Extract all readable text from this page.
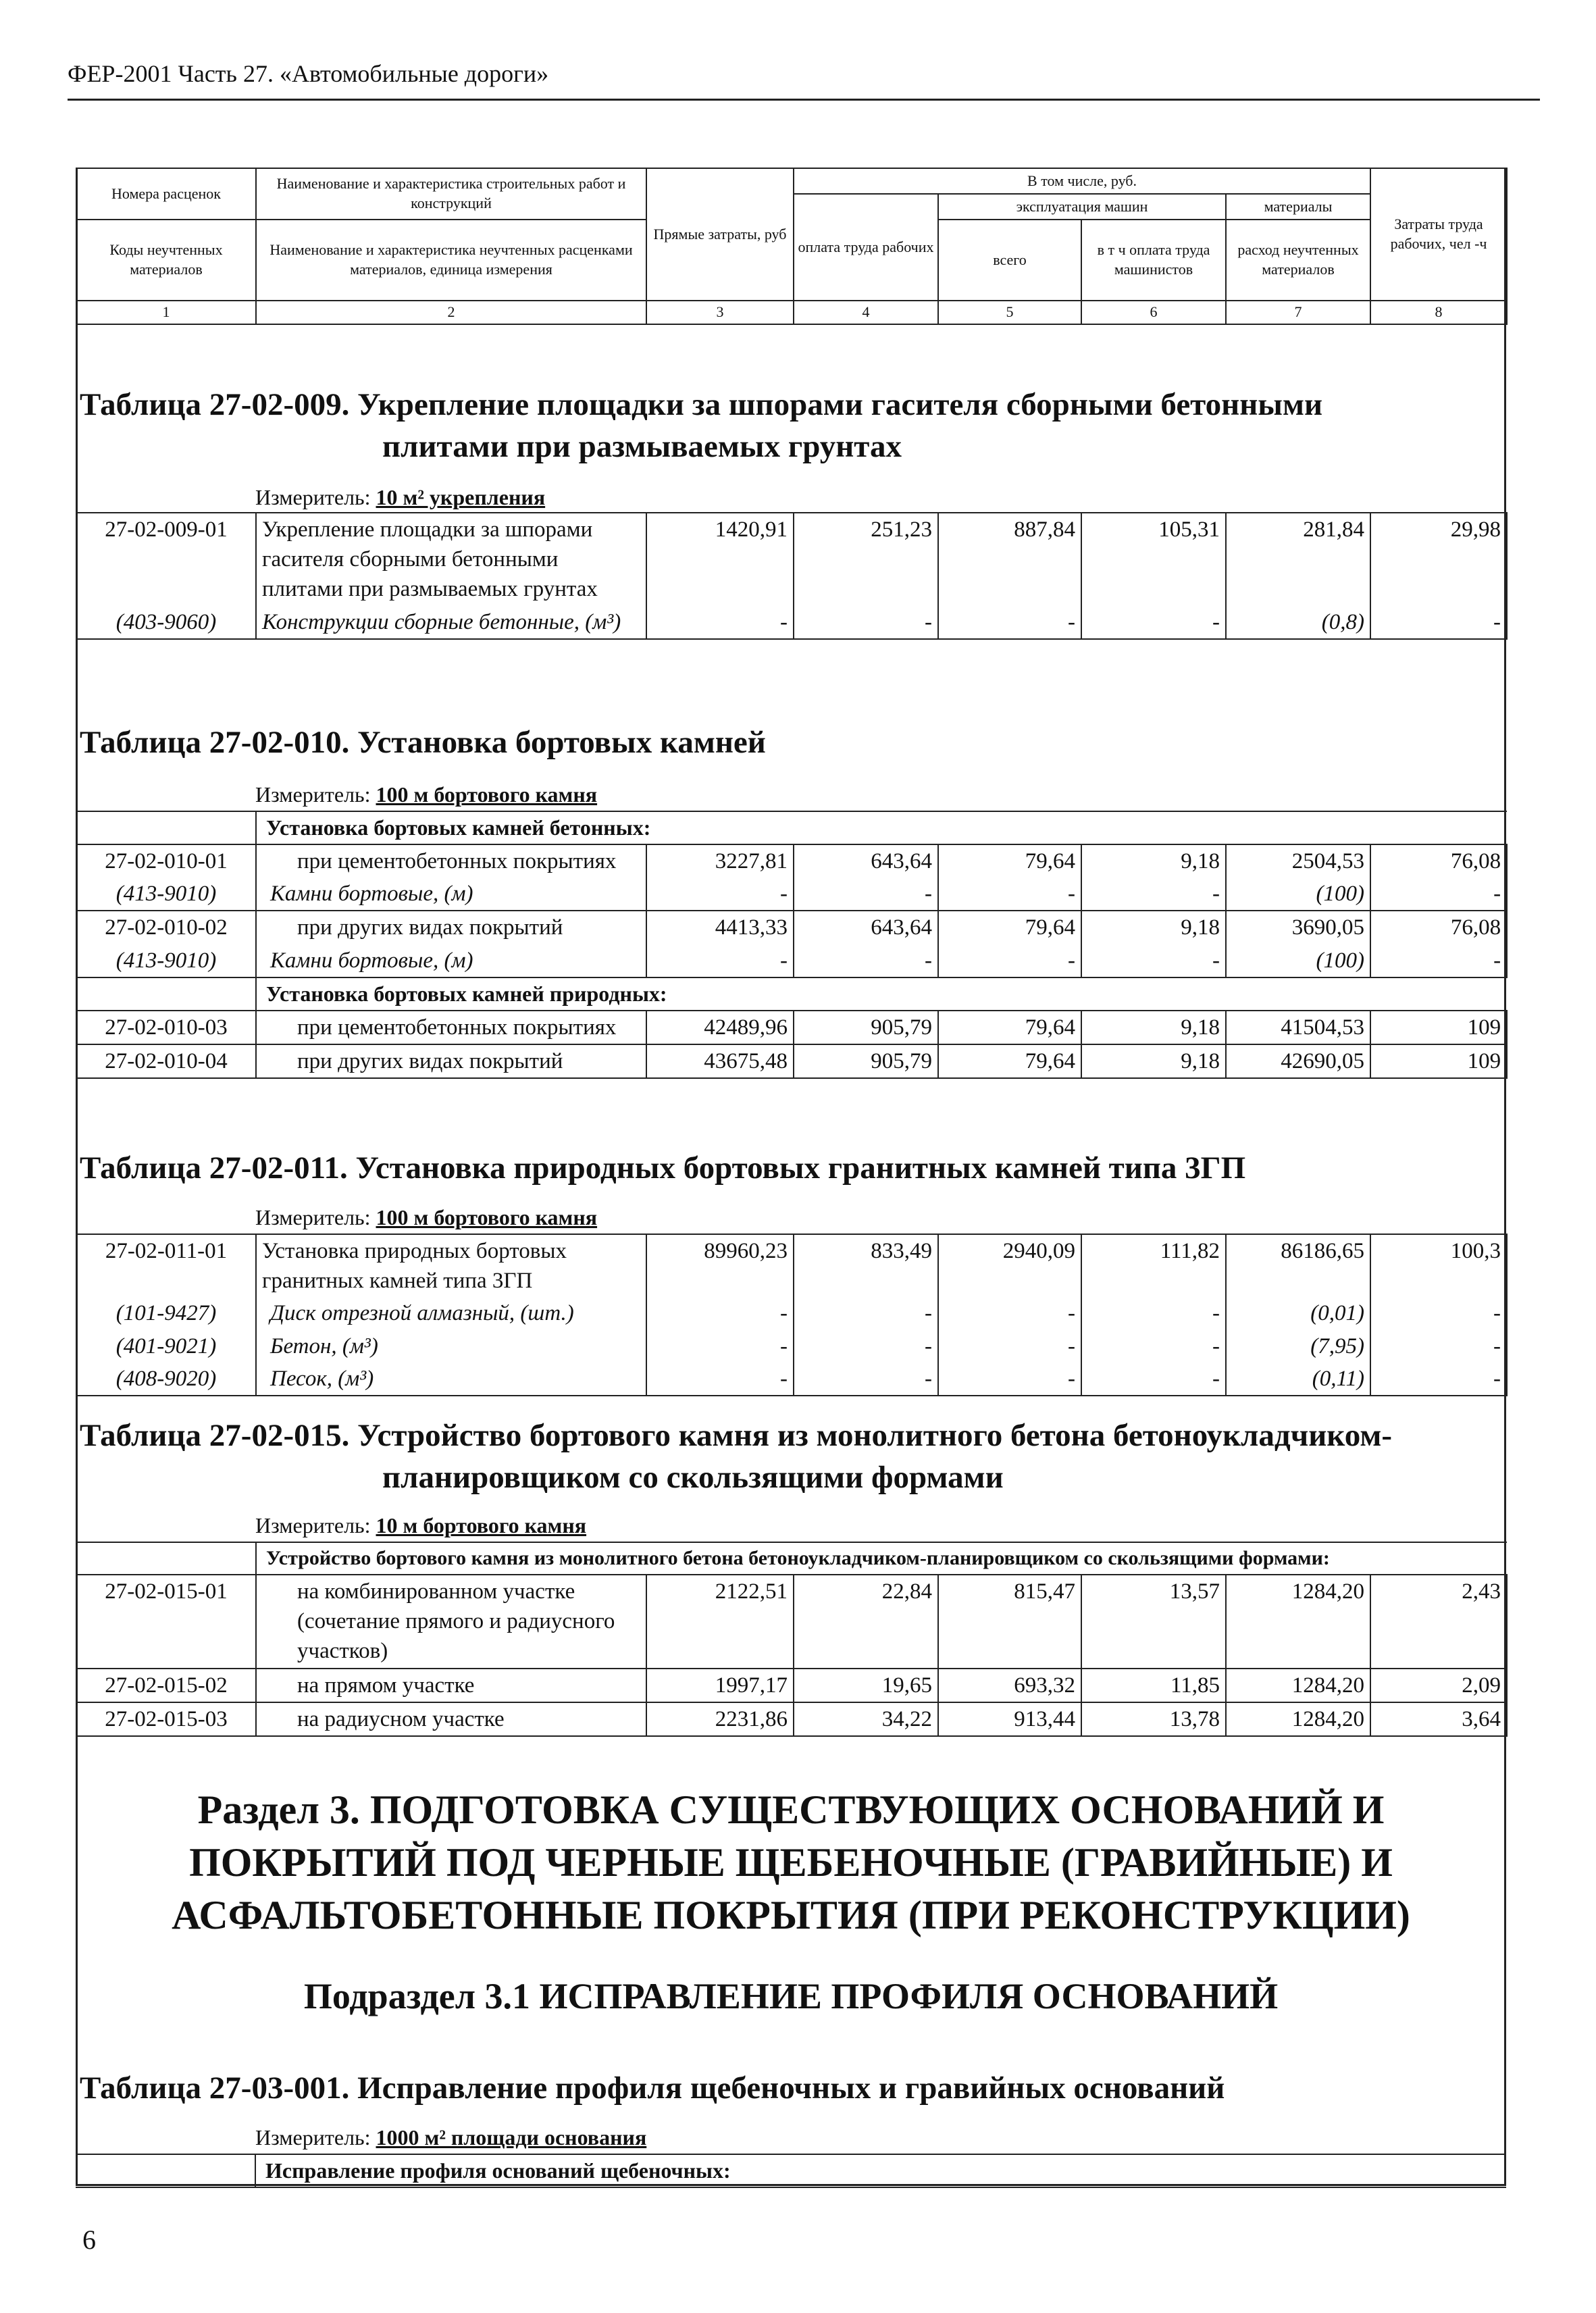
ФЕР-2001 Часть 27. «Автомобильные дороги»
Номера расценок	Наименование и характеристика строительных работ и конструкций	Прямые затраты, руб	В том числе, руб.				Затраты труда рабочих, чел -ч
			оплата труда рабочих	эксплуатация машин		материалы	
Коды неучтенных материалов	Наименование и характеристика неучтенных расценками материалов, единица измерения			всего	в т ч оплата труда машинистов	расход неучтенных материалов	

1	2	3	4	5	6	7	8
Таблица 27-02-009. Укрепление площадки за шпорами гасителя сборными бетонными
плитами при размываемых грунтах
Измеритель: 10 м² укрепления
27-02-009-01	Укрепление площадки за шпорами гасителя сборными бетонными плитами при размываемых грунтах	1420,91	251,23	887,84	105,31	281,84	29,98
(403-9060)	Конструкции сборные бетонные, (м³)	-	-	-	-	(0,8)	-
Таблица 27-02-010. Установка бортовых камней
Измеритель: 100 м бортового камня
	Установка бортовых камней бетонных:						
27-02-010-01	при цементобетонных покрытиях	3227,81	643,64	79,64	9,18	2504,53	76,08
(413-9010)	Камни бортовые, (м)	-	-	-	-	(100)	-
27-02-010-02	при других видах покрытий	4413,33	643,64	79,64	9,18	3690,05	76,08
(413-9010)	Камни бортовые, (м)	-	-	-	-	(100)	-
	Установка бортовых камней природных:						
27-02-010-03	при цементобетонных покрытиях	42489,96	905,79	79,64	9,18	41504,53	109
27-02-010-04	при других видах покрытий	43675,48	905,79	79,64	9,18	42690,05	109
Таблица 27-02-011. Установка природных бортовых гранитных камней типа 3ГП
Измеритель: 100 м бортового камня
27-02-011-01	Установка природных бортовых гранитных камней типа 3ГП	89960,23	833,49	2940,09	111,82	86186,65	100,3
(101-9427)	Диск отрезной алмазный, (шт.)	-	-	-	-	(0,01)	-
(401-9021)	Бетон, (м³)	-	-	-	-	(7,95)	-
(408-9020)	Песок, (м³)	-	-	-	-	(0,11)	-
Таблица 27-02-015. Устройство бортового камня из монолитного бетона бетоноукладчиком-
планировщиком со скользящими формами
Измеритель: 10 м бортового камня
	Устройство бортового камня из монолитного бетона бетоноукладчиком-планировщиком со скользящими формами:						
27-02-015-01	на комбинированном участке (сочетание прямого и радиусного участков)	2122,51	22,84	815,47	13,57	1284,20	2,43
27-02-015-02	на прямом участке	1997,17	19,65	693,32	11,85	1284,20	2,09
27-02-015-03	на радиусном участке	2231,86	34,22	913,44	13,78	1284,20	3,64
Раздел 3. ПОДГОТОВКА СУЩЕСТВУЮЩИХ ОСНОВАНИЙ И
ПОКРЫТИЙ ПОД ЧЕРНЫЕ ЩЕБЕНОЧНЫЕ (ГРАВИЙНЫЕ) И
АСФАЛЬТОБЕТОННЫЕ ПОКРЫТИЯ (ПРИ РЕКОНСТРУКЦИИ)
Подраздел 3.1 ИСПРАВЛЕНИЕ ПРОФИЛЯ ОСНОВАНИЙ
Таблица 27-03-001. Исправление профиля щебеночных и гравийных оснований
Измеритель: 1000 м² площади основания
	Исправление профиля оснований щебеночных:
6
